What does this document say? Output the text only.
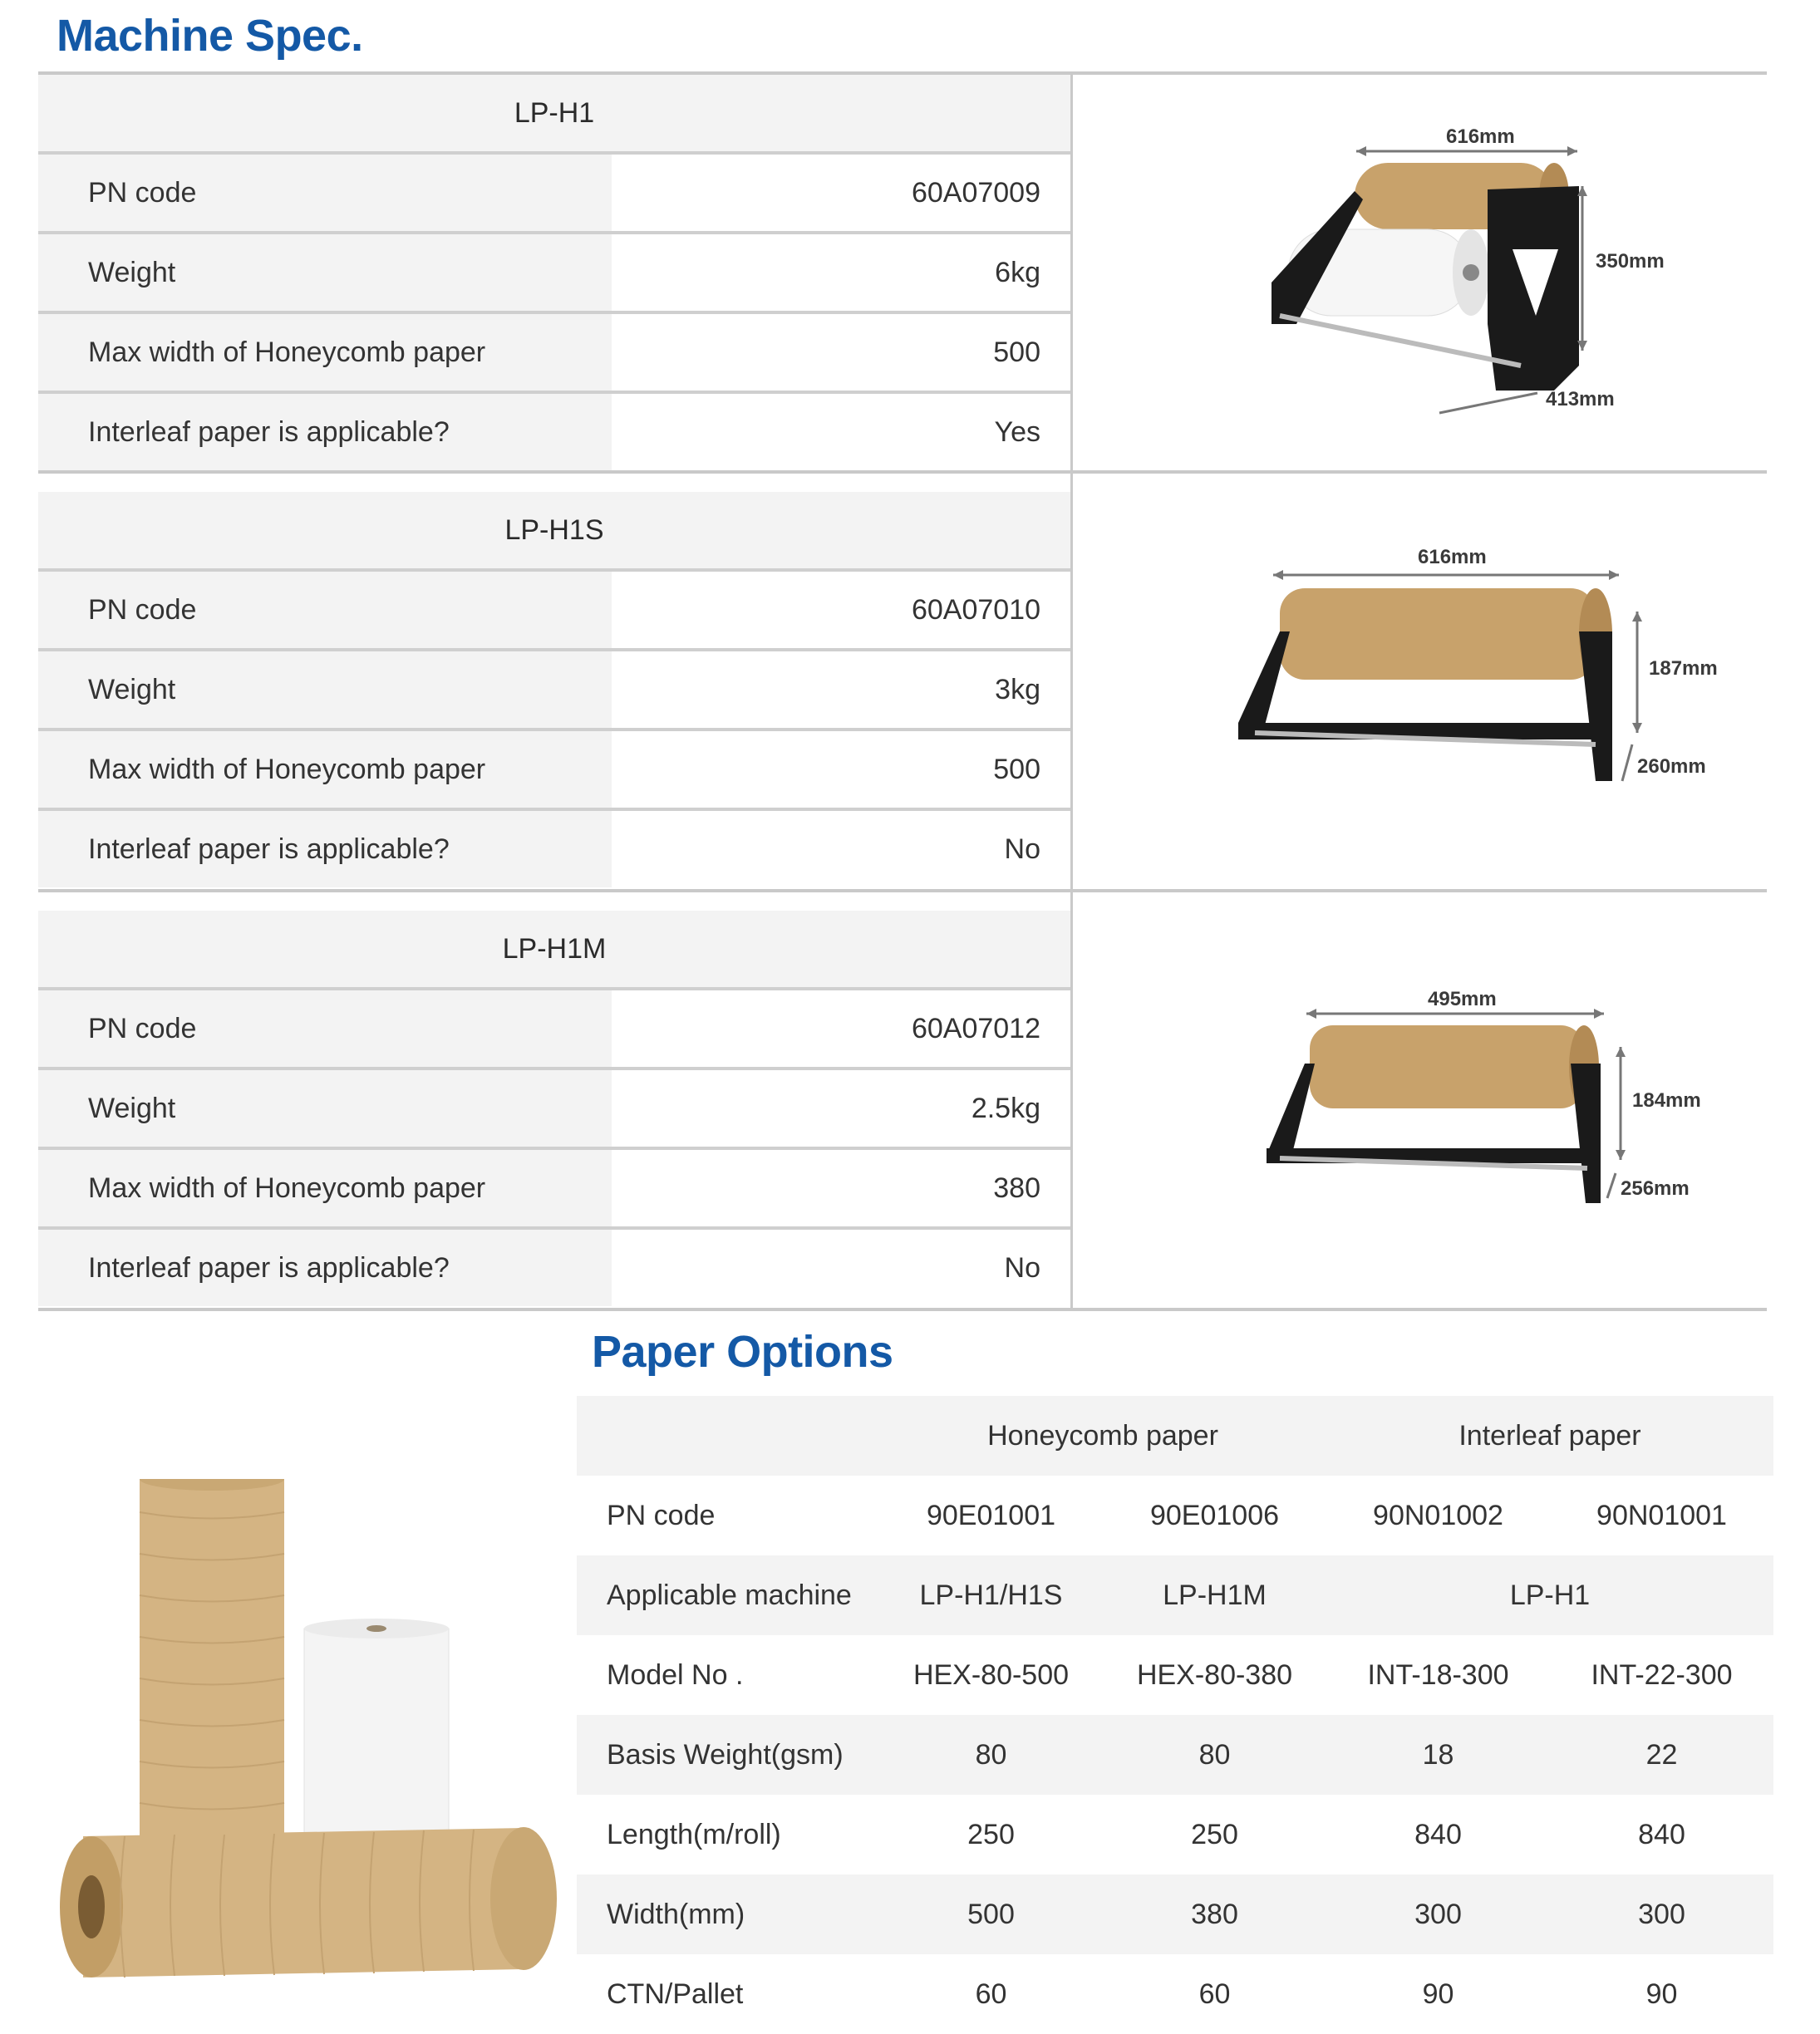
Machine Spec.
LP-H1
PN code	60A07009
Weight	6kg
Max width of Honeycomb paper	500
Interleaf paper is applicable?	Yes
LP-H1S
PN code	60A07010
Weight	3kg
Max width of Honeycomb paper	500
Interleaf paper is applicable?	No
LP-H1M
PN code	60A07012
Weight	2.5kg
Max width of Honeycomb paper	380
Interleaf paper is applicable?	No
616mm
350mm
413mm
616mm
187mm
260mm
495mm
184mm
256mm
Paper Options
Honeycomb paper	Interleaf paper
PN code	90E01001	90E01006	90N01002	90N01001
Applicable machine	LP-H1/H1S	LP-H1M	LP-H1
Model No .	HEX-80-500	HEX-80-380	INT-18-300	INT-22-300
Basis Weight(gsm)	80	80	18	22
Length(m/roll)	250	250	840	840
Width(mm)	500	380	300	300
CTN/Pallet	60	60	90	90
